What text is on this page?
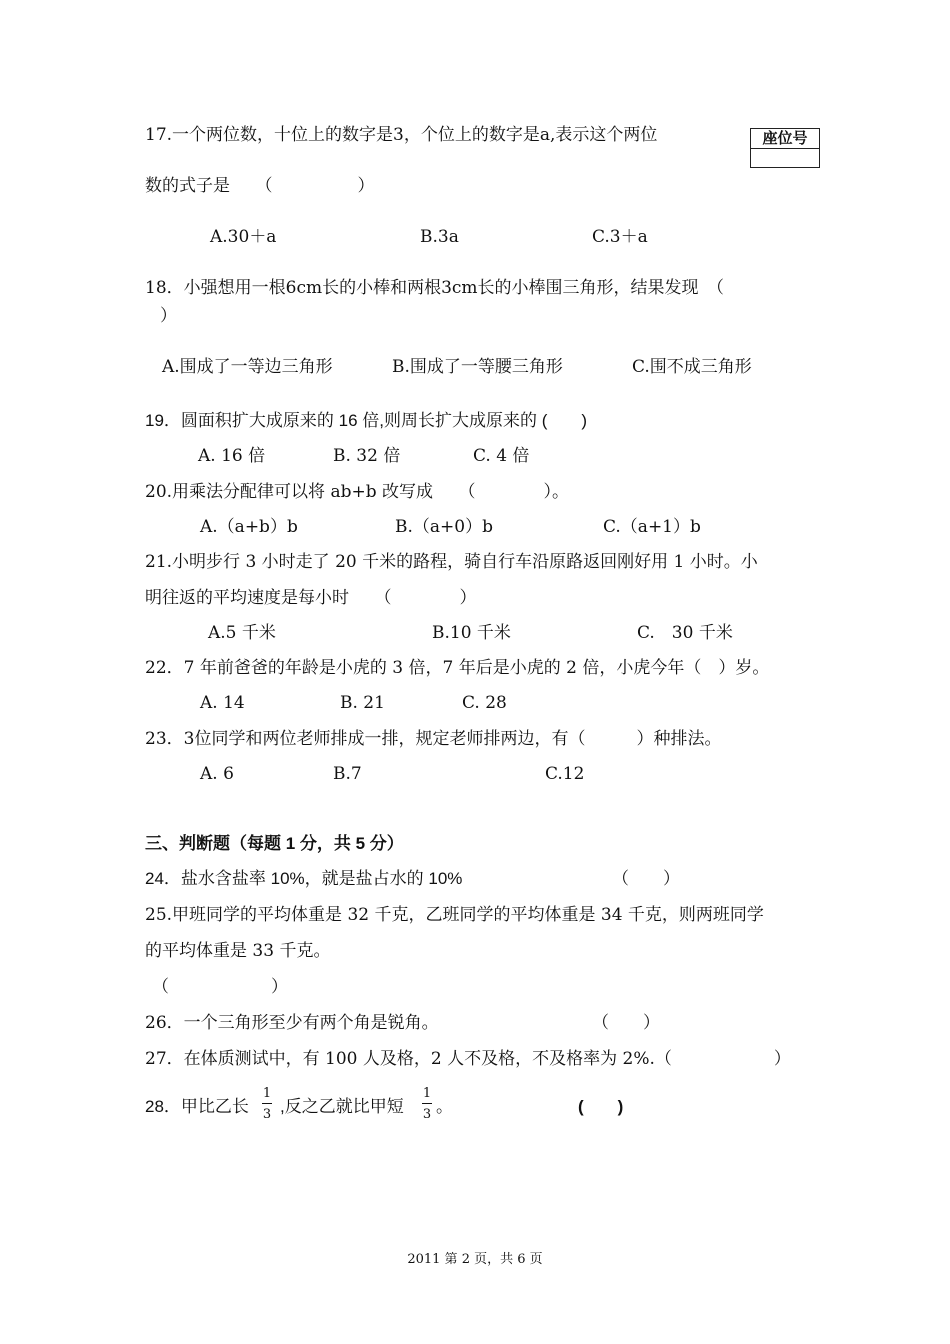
座位号
17.一个两位数，十位上的数字是3，个位上的数字是a,表示这个两位
数的式子是　　（　　　　　）
A.30＋a	B.3a	C.3＋a
18．小强想用一根6cm长的小棒和两根3cm长的小棒围三角形，结果发现　（
）
A.围成了一等边三角形	B.围成了一等腰三角形	C.围不成三角形
19．圆面积扩大成原来的 16 倍,则周长扩大成原来的 (　　)
A. 16 倍	B. 32 倍	C. 4 倍
20.用乘法分配律可以将 ab+b 改写成　　（　　　　）。
A.（a+b）b	B.（a+0）b	C.（a+1）b
21.小明步行 3 小时走了 20 千米的路程，骑自行车沿原路返回刚好用 1 小时。小
明往返的平均速度是每小时　　（　　　　）
A.5 千米	B.10 千米	C.　30 千米
22．7 年前爸爸的年龄是小虎的 3 倍，7 年后是小虎的 2 倍，小虎今年（　）岁。
A. 14	B. 21	C. 28
23．3位同学和两位老师排成一排，规定老师排两边，有（　　　）种排法。
A. 6	B.7	C.12
三、判断题（每题 1 分，共 5 分）
24．盐水含盐率 10%，就是盐占水的 10%	（　　）
25.甲班同学的平均体重是 32 千克，乙班同学的平均体重是 34 千克，则两班同学
的平均体重是 33 千克。
（　　　　　　）
26．一个三角形至少有两个角是锐角。	（　　）
27．在体质测试中，有 100 人及格，2 人不及格，不及格率为 2%.（　　　　　　）
28．甲比乙长
1
3 ,反之乙就比甲短
1
3 。	(　　)
2011 第 2 页，共 6 页
